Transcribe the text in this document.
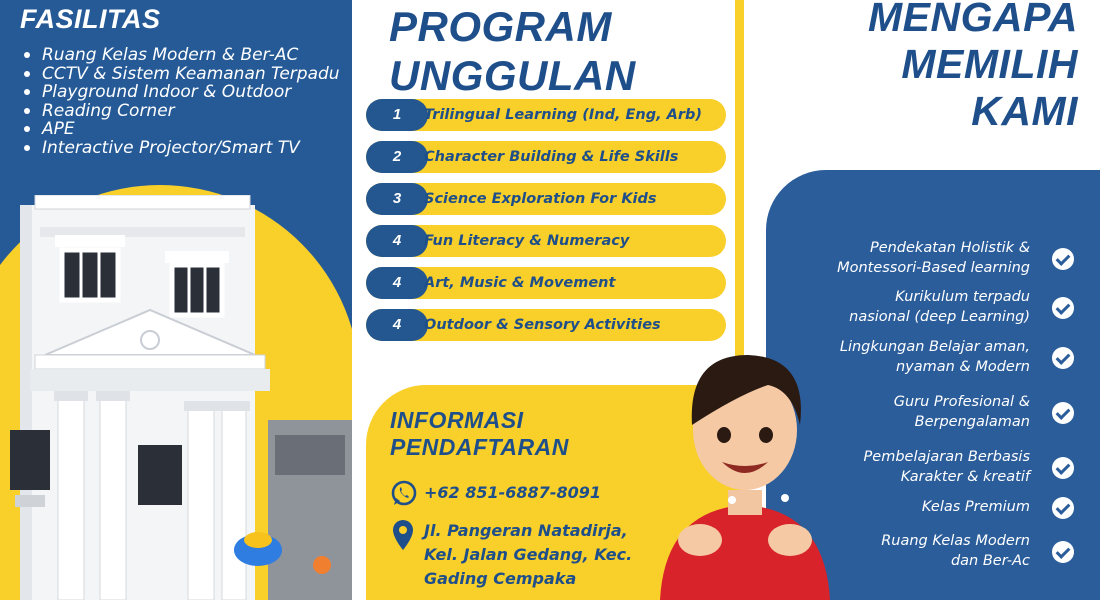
FASILITAS
Ruang Kelas Modern & Ber-AC
CCTV & Sistem Keamanan Terpadu
Playground Indoor & Outdoor
Reading Corner
APE
Interactive Projector/Smart TV
PROGRAM
UNGGULAN
1	Trilingual Learning (Ind, Eng, Arb)
2	Character Building & Life Skills
3	Science Exploration For Kids
4	Fun Literacy & Numeracy
4	Art, Music & Movement
4	Outdoor & Sensory Activities
INFORMASI
PENDAFTARAN
+62 851-6887-8091
Jl. Pangeran Natadirja,
Kel. Jalan Gedang, Kec.
Gading Cempaka
MENGAPA
MEMILIH
KAMI
Pendekatan Holistik &
Montessori-Based learning
Kurikulum terpadu
nasional (deep Learning)
Lingkungan Belajar aman,
nyaman & Modern
Guru Profesional &
Berpengalaman
Pembelajaran Berbasis
Karakter & kreatif
Kelas Premium
Ruang Kelas Modern
dan Ber-Ac
